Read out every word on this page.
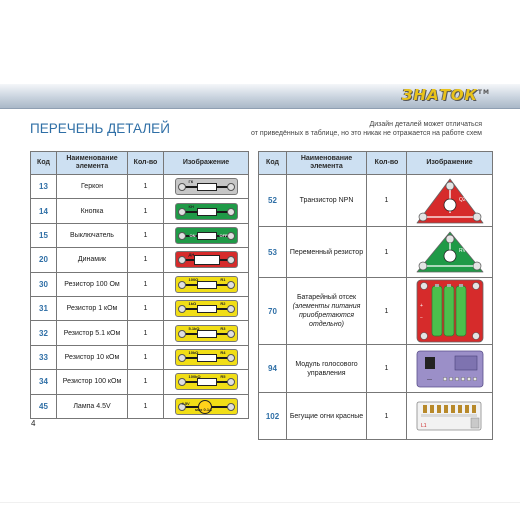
ЗНАТОК™
ПЕРЕЧЕНЬ ДЕТАЛЕЙ	Дизайн деталей может отличаться
от приведённых в таблице, но это никак не отражается на работе схем
Код	Наименование элемента	Кол-во	Изображение
13	Геркон	1	ГК

14	Кнопка	1	КН

15	Выключатель	1	ON OFF

20	Динамик	1	ДН

30	Резистор 100 Ом	1	100Ω R1

31	Резистор 1 кОм	1	1kΩ R2

32	Резистор 5.1 кОм	1	5.1kΩ R3

33	Резистор 10 кОм	1	10kΩ R4

34	Резистор 100 кОм	1	100kΩ R5

45	Лампа 4.5V	1	4.5V
мах 0.1А
Код	Наименование элемента	Кол-во	Изображение
52	Транзистор NPN	1	Q2

53	Переменный резистор	1	RV

70	Батарейный отсек
(элементы питания приобретаются отдельно)	1	+
−

94	Модуль голосового управления	1	—

102	Бегущие огни красные	1	L1
4
